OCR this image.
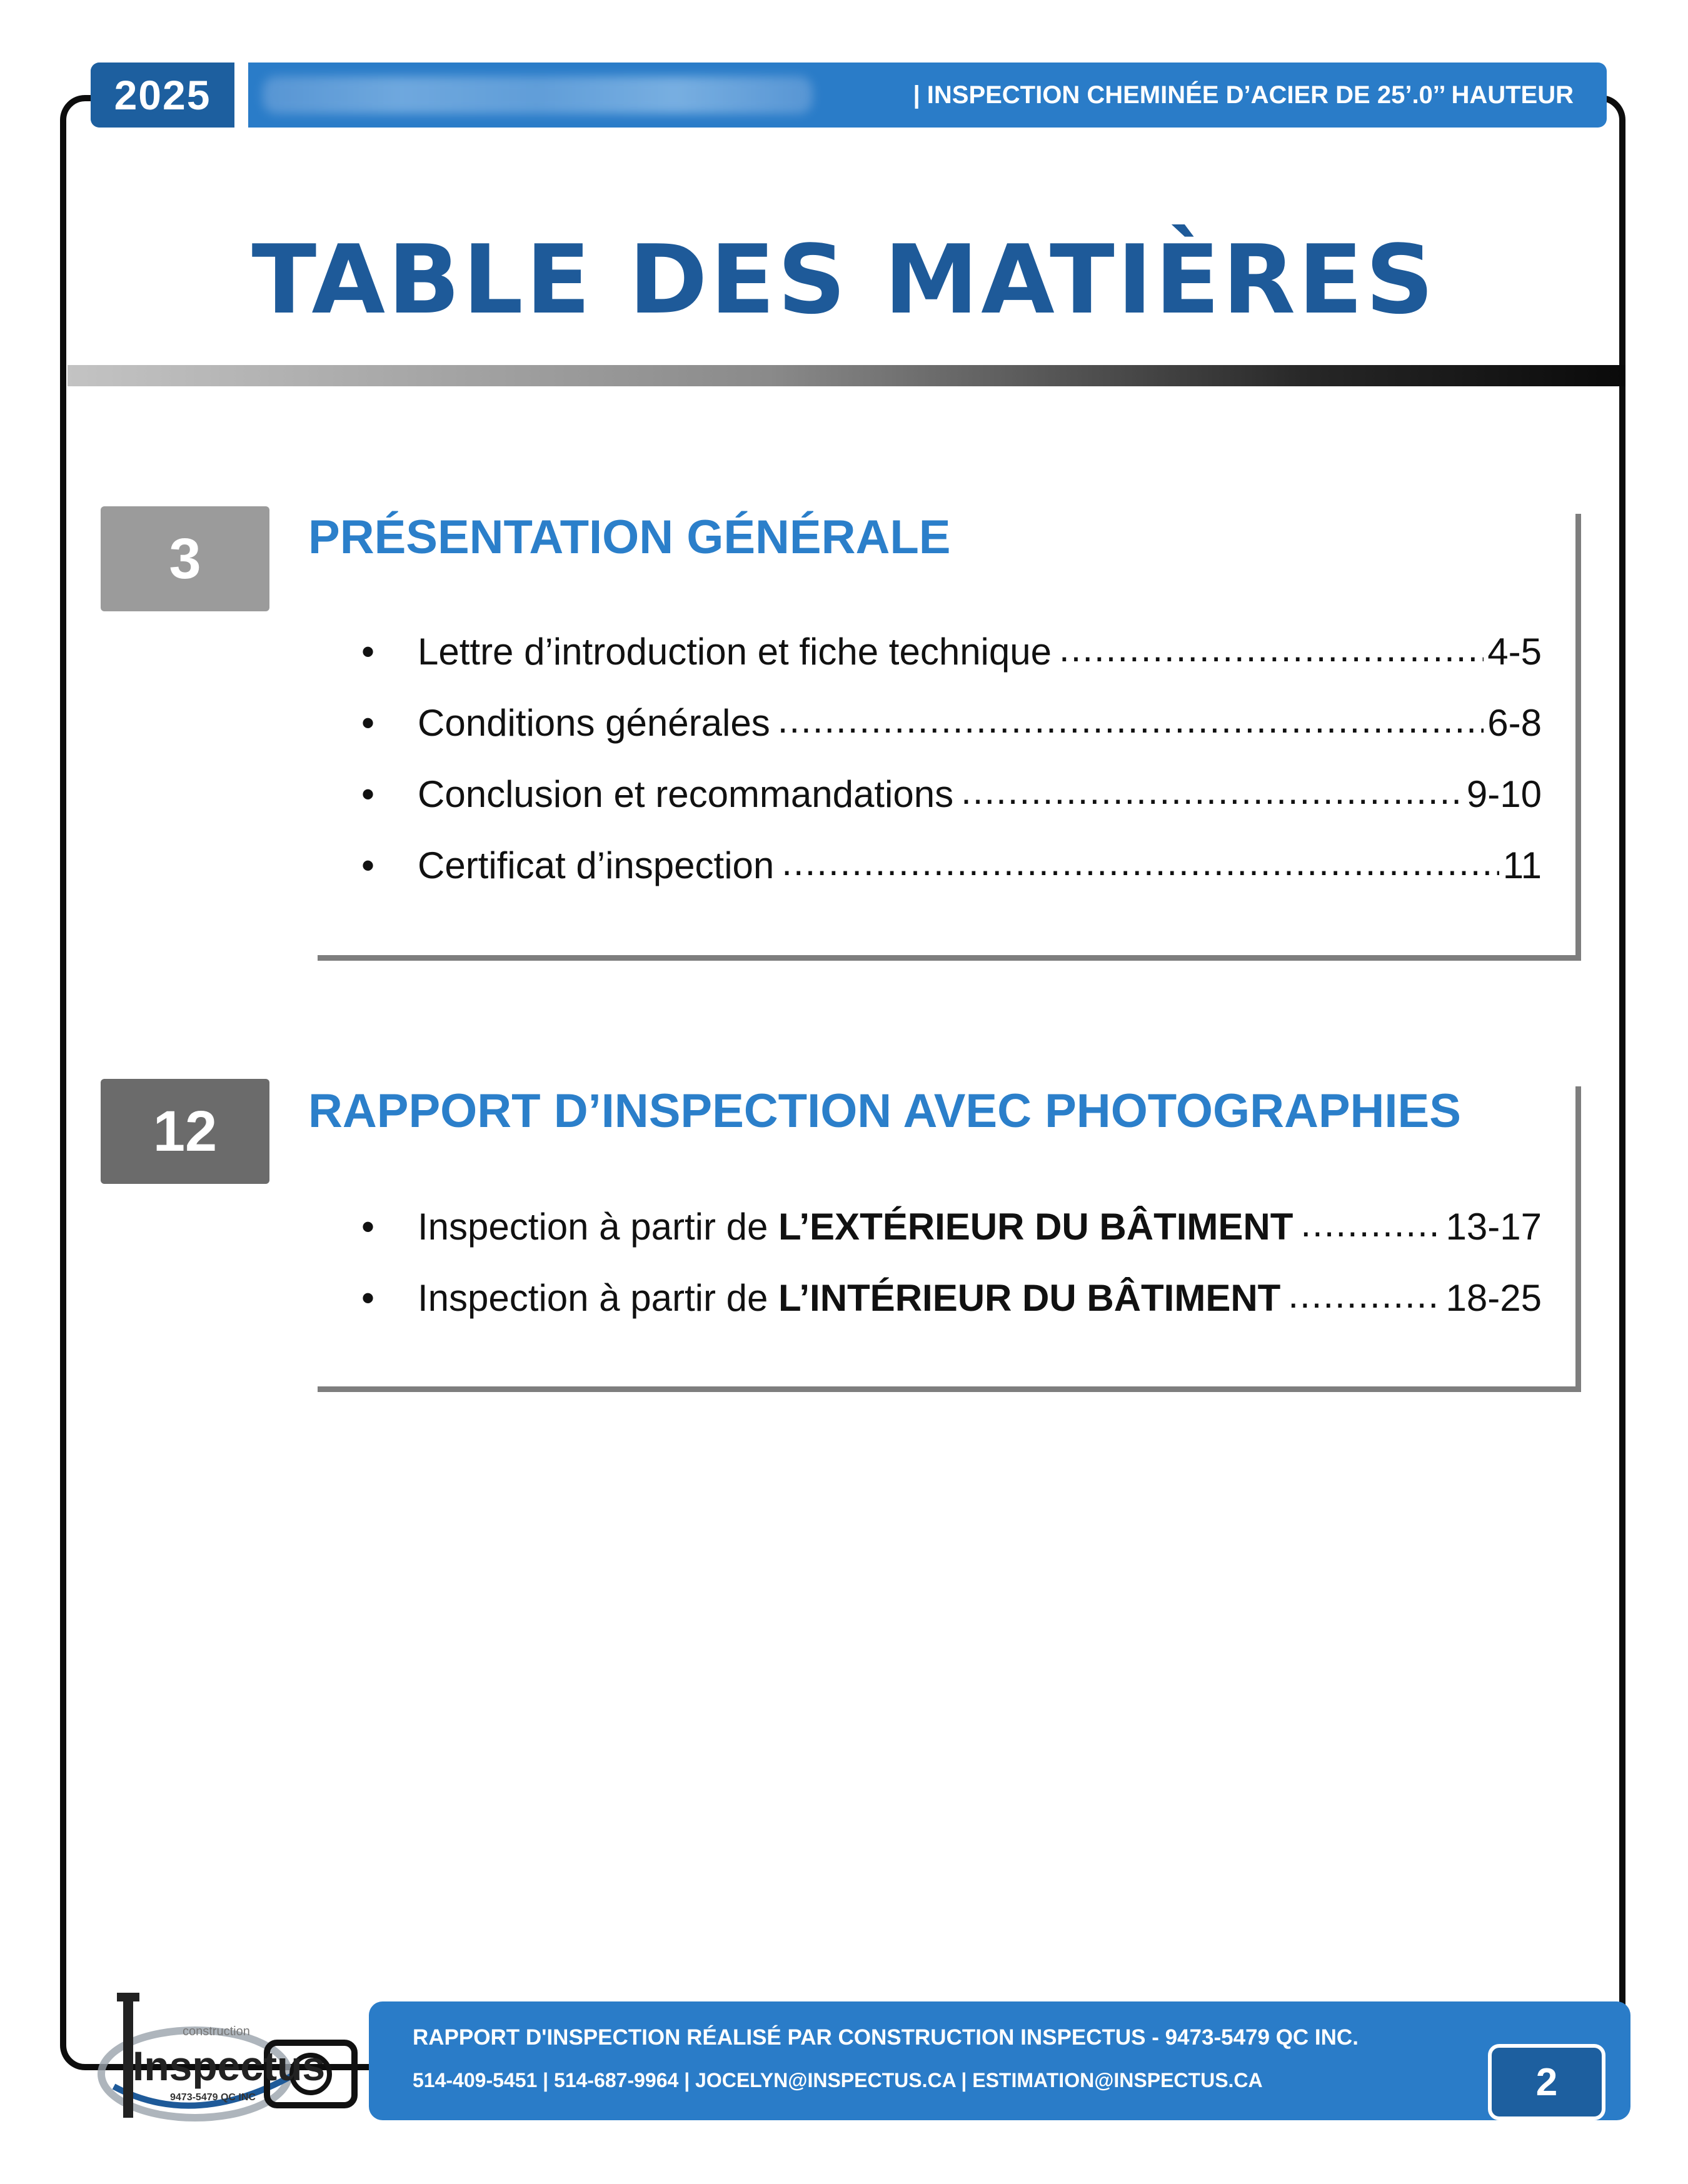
2025	| INSPECTION CHEMINÉE D’ACIER DE 25’.0’’ HAUTEUR
TABLE DES MATIÈRES
3	PRÉSENTATION GÉNÉRALE
•	Lettre d’introduction et fiche technique .....	4-5
•	Conditions générales .....	6-8
•	Conclusion et recommandations .....	9-10
•	Certificat d’inspection .....	11
12	RAPPORT D’INSPECTION AVEC PHOTOGRAPHIES
•	Inspection à partir de L’EXTÉRIEUR DU BÂTIMENT .....	13-17
•	Inspection à partir de L’INTÉRIEUR DU BÂTIMENT .....	18-25
construction
Inspectus
9473-5479 QC INC
RAPPORT D'INSPECTION RÉALISÉ PAR CONSTRUCTION INSPECTUS - 9473-5479 QC INC.
514-409-5451 | 514-687-9964 | JOCELYN@INSPECTUS.CA | ESTIMATION@INSPECTUS.CA	2
